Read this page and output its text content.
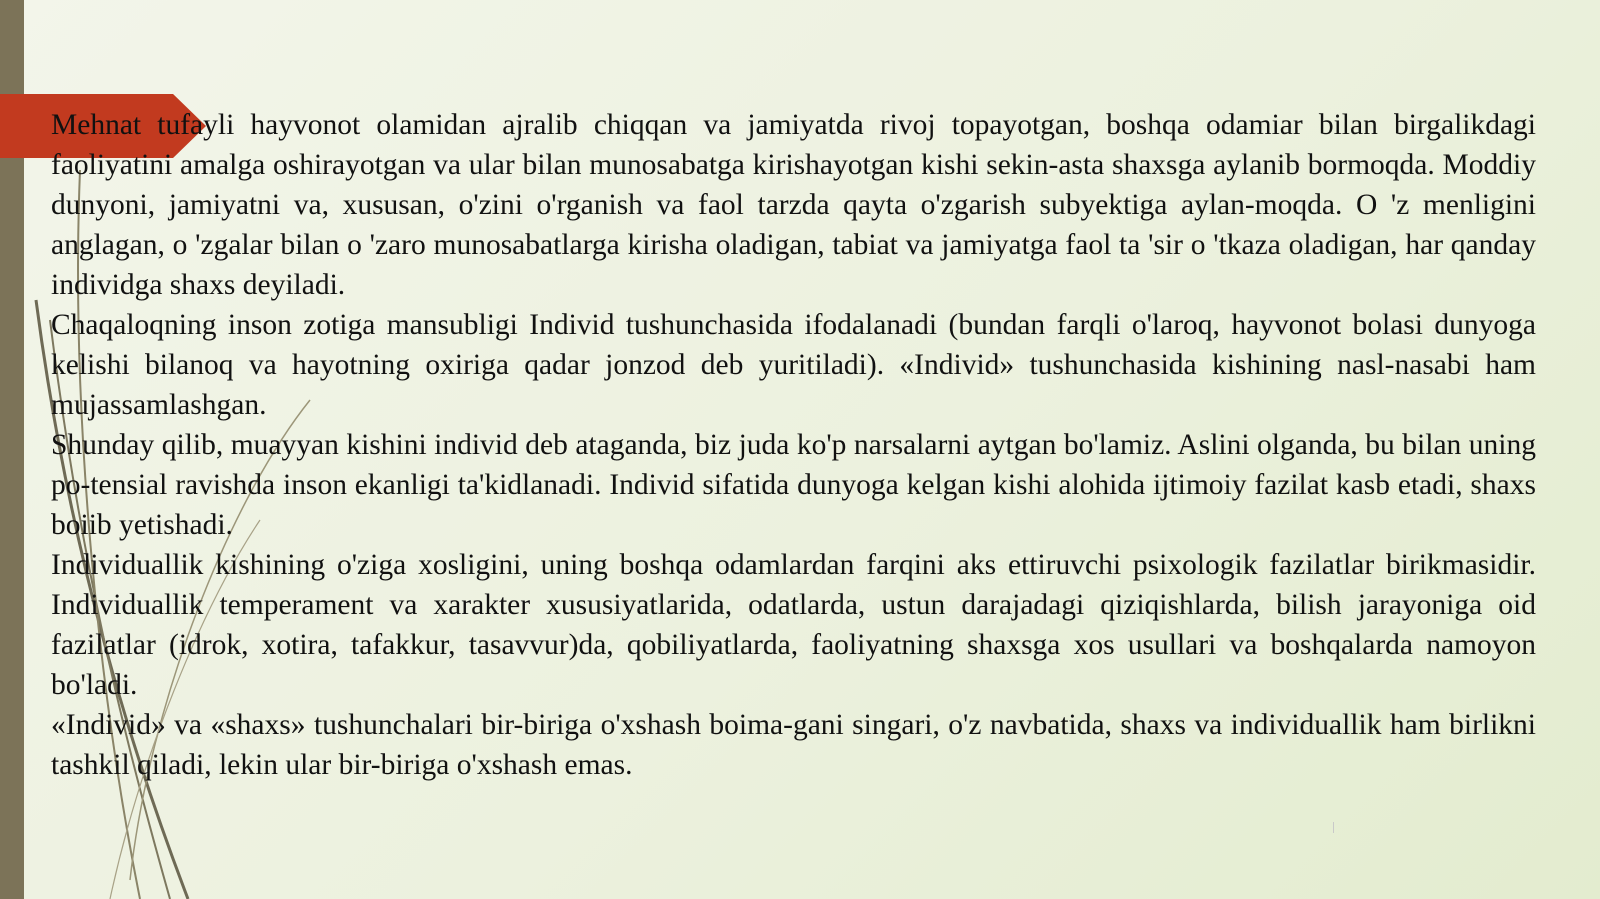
Mehnat tufayli hayvonot olamidan ajralib chiqqan va jamiyatda rivoj topayotgan, boshqa odamiar bilan birgalikdagi faoliyatini amalga oshirayotgan va ular bilan munosabatga kirishayotgan kishi sekin-asta shaxsga aylanib bormoqda. Moddiy dunyoni, jamiyatni va, xususan, o'zini o'rganish va faol tarzda qayta o'zgarish subyektiga aylan-moqda. O 'z menligini anglagan, o 'zgalar bilan o 'zaro munosabatlarga kirisha oladigan, tabiat va jamiyatga faol ta 'sir o 'tkaza oladigan, har qanday individga shaxs deyiladi.

Chaqaloqning inson zotiga mansubligi Individ tushunchasida ifodalanadi (bundan farqli o'laroq, hayvonot bolasi dunyoga kelishi bilanoq va hayotning oxiriga qadar jonzod deb yuritiladi). «Individ» tushunchasida kishining nasl-nasabi ham mujassamlashgan.

Shunday qilib, muayyan kishini individ deb ataganda, biz juda ko'p narsalarni aytgan bo'lamiz. Aslini olganda, bu bilan uning po-tensial ravishda inson ekanligi ta'kidlanadi. Individ sifatida dunyoga kelgan kishi alohida ijtimoiy fazilat kasb etadi, shaxs boiib yetishadi.

Individuallik kishining o'ziga xosligini, uning boshqa odamlardan farqini aks ettiruvchi psixologik fazilatlar birikmasidir. Individuallik temperament va xarakter xususiyatlarida, odatlarda, ustun darajadagi qiziqishlarda, bilish jarayoniga oid fazilatlar (idrok, xotira, tafakkur, tasavvur)da, qobiliyatlarda, faoliyatning shaxsga xos usullari va boshqalarda namoyon bo'ladi.

«Individ» va «shaxs» tushunchalari bir-biriga o'xshash boima-gani singari, o'z navbatida, shaxs va individuallik ham birlikni tashkil qiladi, lekin ular bir-biriga o'xshash emas.
